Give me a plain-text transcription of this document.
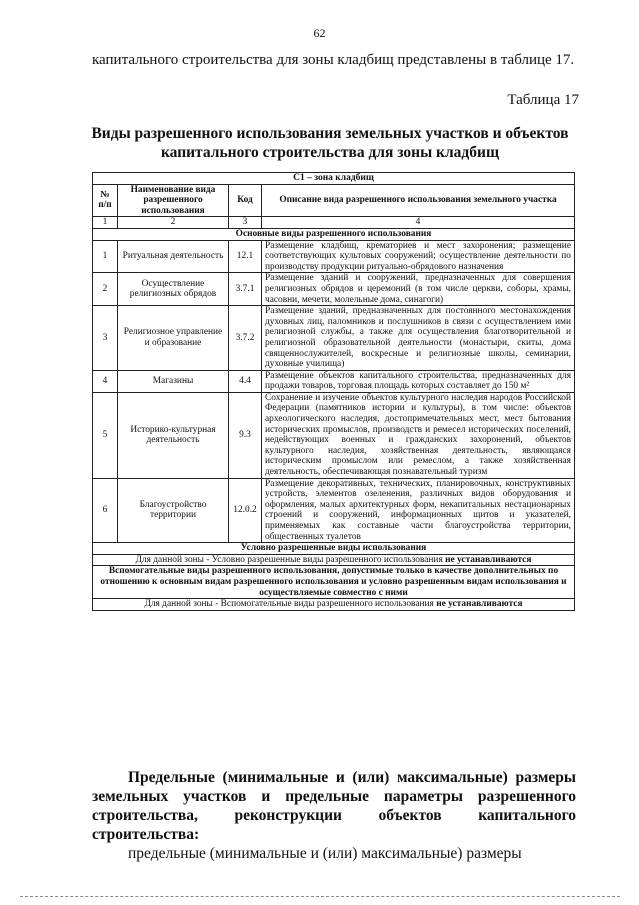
62
капитального строительства для зоны кладбищ представлены в таблице 17.
Таблица 17
Виды разрешенного использования земельных участков и объектов капитального строительства для зоны кладбищ
С1 – зона кладбищ			
№ п/п	Наименование вида разрешенного использования	Код	Описание вида разрешенного использования земельного участка
1	2	3	4
Основные виды разрешенного использования			
1	Ритуальная деятельность	12.1	Размещение кладбищ, крематориев и мест захоронения; размещение соответствующих культовых сооружений; осуществление деятельности по производству продукции ритуально-обрядового назначения
2	Осуществление религиозных обрядов	3.7.1	Размещение зданий и сооружений, предназначенных для совершения религиозных обрядов и церемоний (в том числе церкви, соборы, храмы, часовни, мечети, молельные дома, синагоги)
3	Религиозное управление и образование	3.7.2	Размещение зданий, предназначенных для постоянного местонахождения духовных лиц, паломников и послушников в связи с осуществлением ими религиозной службы, а также для осуществления благотворительной и религиозной образовательной деятельности (монастыри, скиты, дома священнослужителей, воскресные и религиозные школы, семинарии, духовные училища)
4	Магазины	4.4	Размещение объектов капитального строительства, предназначенных для продажи товаров, торговая площадь которых составляет до 150 м²
5	Историко-культурная деятельность	9.3	Сохранение и изучение объектов культурного наследия народов Российской Федерации (памятников истории и культуры), в том числе: объектов археологического наследия, достопримечательных мест, мест бытования исторических промыслов, производств и ремесел исторических поселений, недействующих военных и гражданских захоронений, объектов культурного наследия, хозяйственная деятельность, являющаяся историческим промыслом или ремеслом, а также хозяйственная деятельность, обеспечивающая познавательный туризм
6	Благоустройство территории	12.0.2	Размещение декоративных, технических, планировочных, конструктивных устройств, элементов озеленения, различных видов оборудования и оформления, малых архитектурных форм, некапитальных нестационарных строений и сооружений, информационных щитов и указателей, применяемых как составные части благоустройства территории, общественных туалетов
Условно разрешенные виды использования			
Для данной зоны - Условно разрешенные виды разрешенного использования не устанавливаются			
Вспомогательные виды разрешенного использования, допустимые только в качестве дополнительных по отношению к основным видам разрешенного использования и условно разрешенным видам использования и осуществляемые совместно с ними			
Для данной зоны - Вспомогательные виды разрешенного использования не устанавливаются			
Предельные (минимальные и (или) максимальные) размеры земельных участков и предельные параметры разрешенного строительства, реконструкции объектов капитального строительства:
предельные (минимальные и (или) максимальные) размеры
